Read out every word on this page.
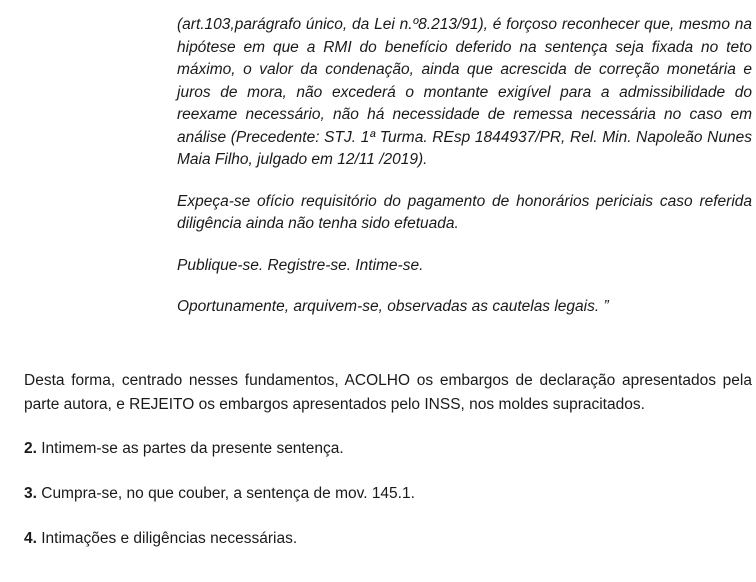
(art.103,parágrafo único, da Lei n.º8.213/91), é forçoso reconhecer que, mesmo na hipótese em que a RMI do benefício deferido na sentença seja fixada no teto máximo, o valor da condenação, ainda que acrescida de correção monetária e juros de mora, não excederá o montante exigível para a admissibilidade do reexame necessário, não há necessidade de remessa necessária no caso em análise (Precedente: STJ. 1ª Turma. REsp 1844937/PR, Rel. Min. Napoleão Nunes Maia Filho, julgado em 12/11 /2019).

Expeça-se ofício requisitório do pagamento de honorários periciais caso referida diligência ainda não tenha sido efetuada.

Publique-se. Registre-se. Intime-se.

Oportunamente, arquivem-se, observadas as cautelas legais. ”

Desta forma, centrado nesses fundamentos, ACOLHO os embargos de declaração apresentados pela parte autora, e REJEITO os embargos apresentados pelo INSS, nos moldes supracitados.

2. Intimem-se as partes da presente sentença.

3. Cumpra-se, no que couber, a sentença de mov. 145.1.

4. Intimações e diligências necessárias.
